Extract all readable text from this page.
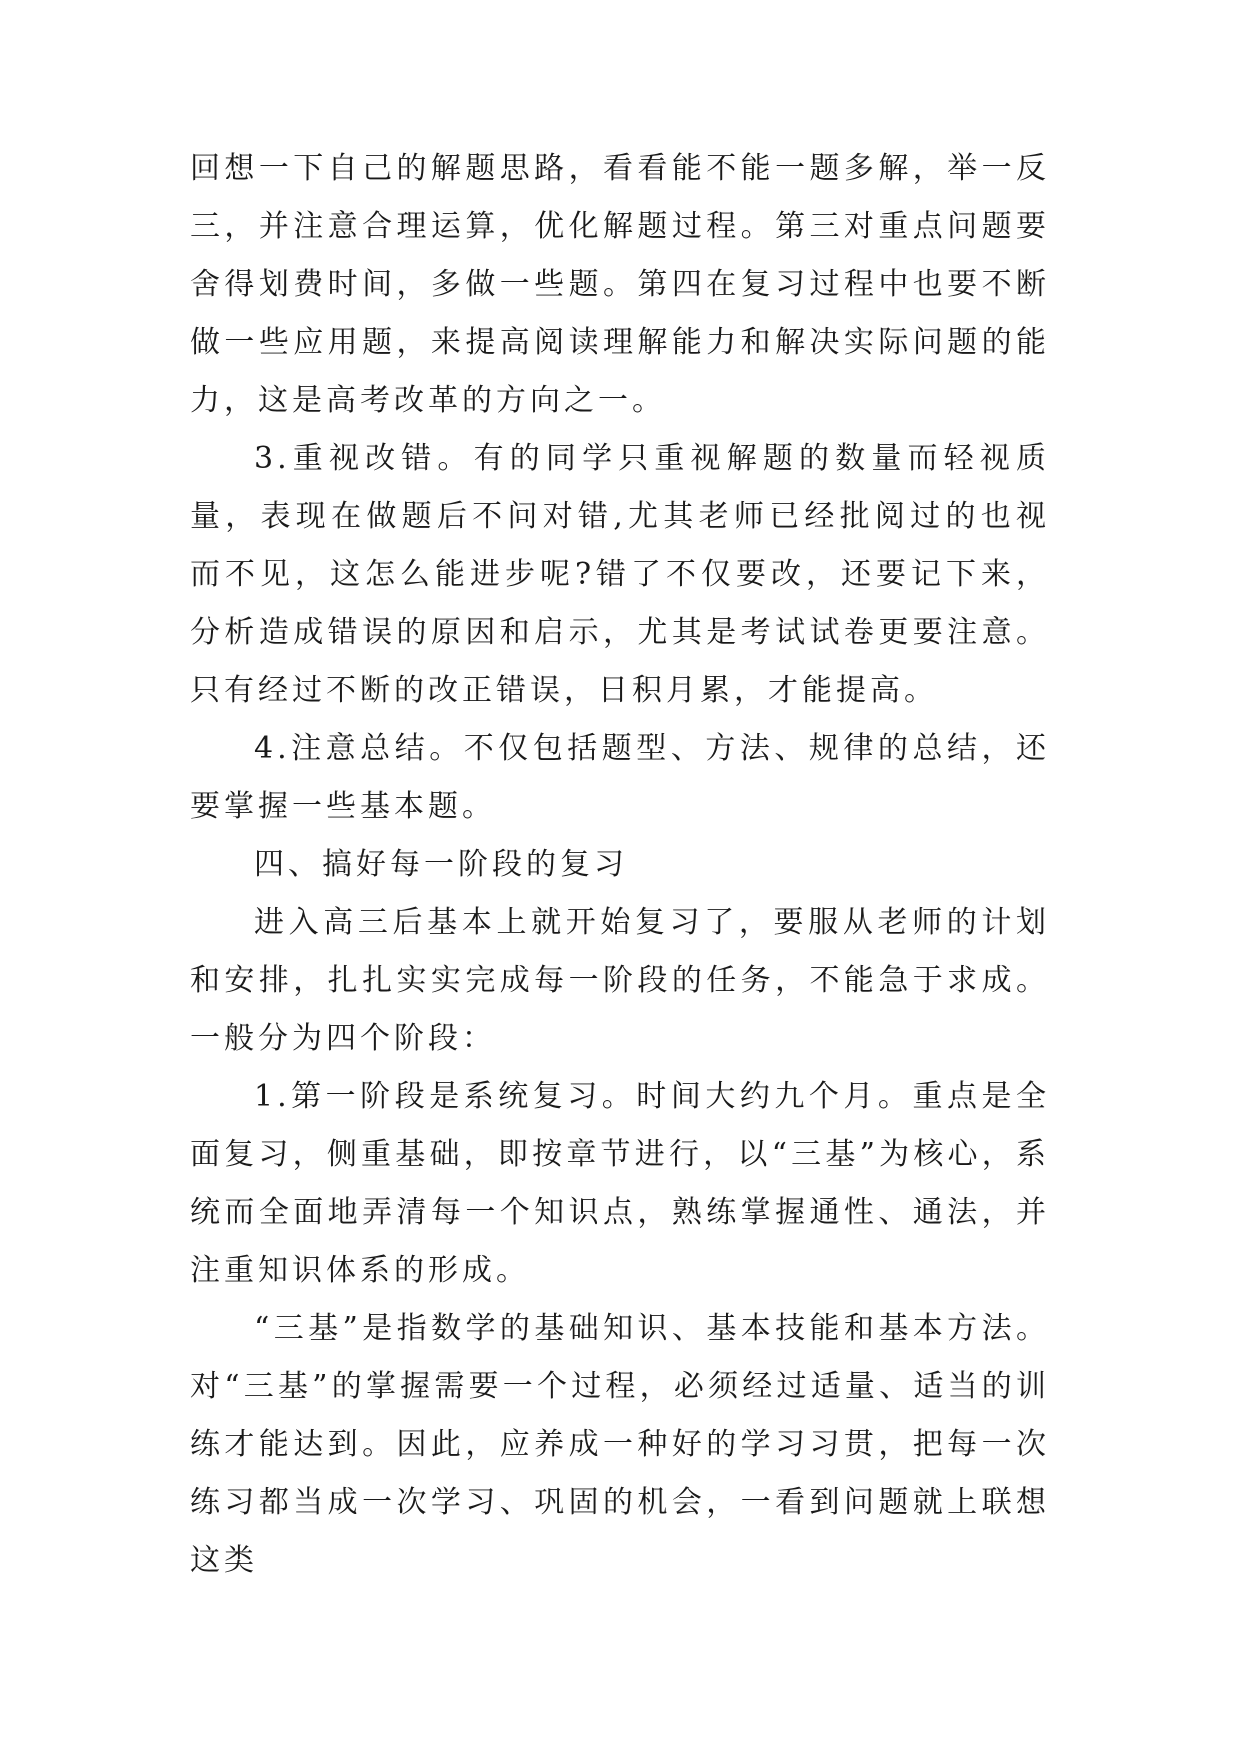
回想一下自己的解题思路，看看能不能一题多解，举一反三，并注意合理运算，优化解题过程。第三对重点问题要舍得划费时间，多做一些题。第四在复习过程中也要不断做一些应用题，来提高阅读理解能力和解决实际问题的能力，这是高考改革的方向之一。

3.重视改错。有的同学只重视解题的数量而轻视质量，表现在做题后不问对错,尤其老师已经批阅过的也视而不见，这怎么能进步呢?错了不仅要改，还要记下来，分析造成错误的原因和启示，尤其是考试试卷更要注意。只有经过不断的改正错误，日积月累，才能提高。

4.注意总结。不仅包括题型、方法、规律的总结，还要掌握一些基本题。

四、搞好每一阶段的复习

进入高三后基本上就开始复习了，要服从老师的计划和安排，扎扎实实完成每一阶段的任务，不能急于求成。一般分为四个阶段：

1.第一阶段是系统复习。时间大约九个月。重点是全面复习，侧重基础，即按章节进行，以“三基”为核心，系统而全面地弄清每一个知识点，熟练掌握通性、通法，并注重知识体系的形成。

“三基”是指数学的基础知识、基本技能和基本方法。对“三基”的掌握需要一个过程，必须经过适量、适当的训练才能达到。因此，应养成一种好的学习习贯，把每一次练习都当成一次学习、巩固的机会，一看到问题就上联想这类
